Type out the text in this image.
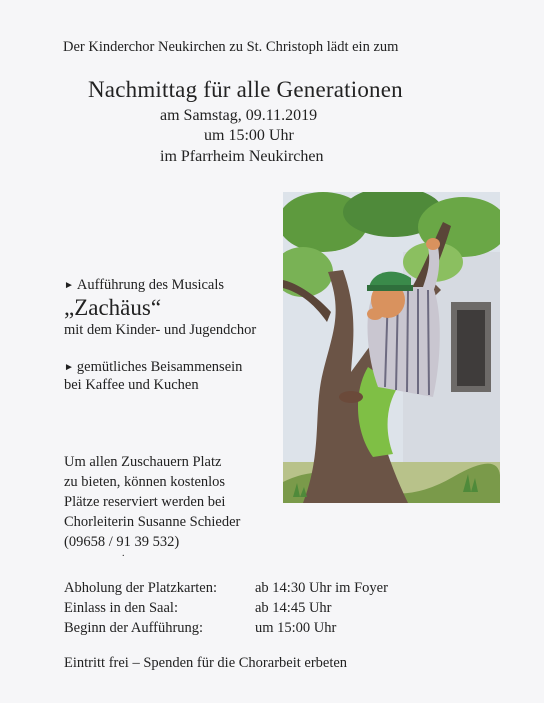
Der Kinderchor Neukirchen zu St. Christoph lädt ein zum
Nachmittag für alle Generationen
am Samstag, 09.11.2019
um 15:00 Uhr
im Pfarrheim Neukirchen
► Aufführung des Musicals
„Zachäus“
mit dem Kinder- und Jugendchor
► gemütliches Beisammensein
bei Kaffee und Kuchen
Um allen Zuschauern Platz
zu bieten, können kostenlos
Plätze reserviert werden bei
Chorleiterin Susanne Schieder
(09658 / 91 39 532)
.
Abholung der Platzkarten:	ab 14:30 Uhr im Foyer
Einlass in den Saal:	ab 14:45 Uhr
Beginn der Aufführung:	um 15:00 Uhr
Eintritt frei – Spenden für die Chorarbeit erbeten
